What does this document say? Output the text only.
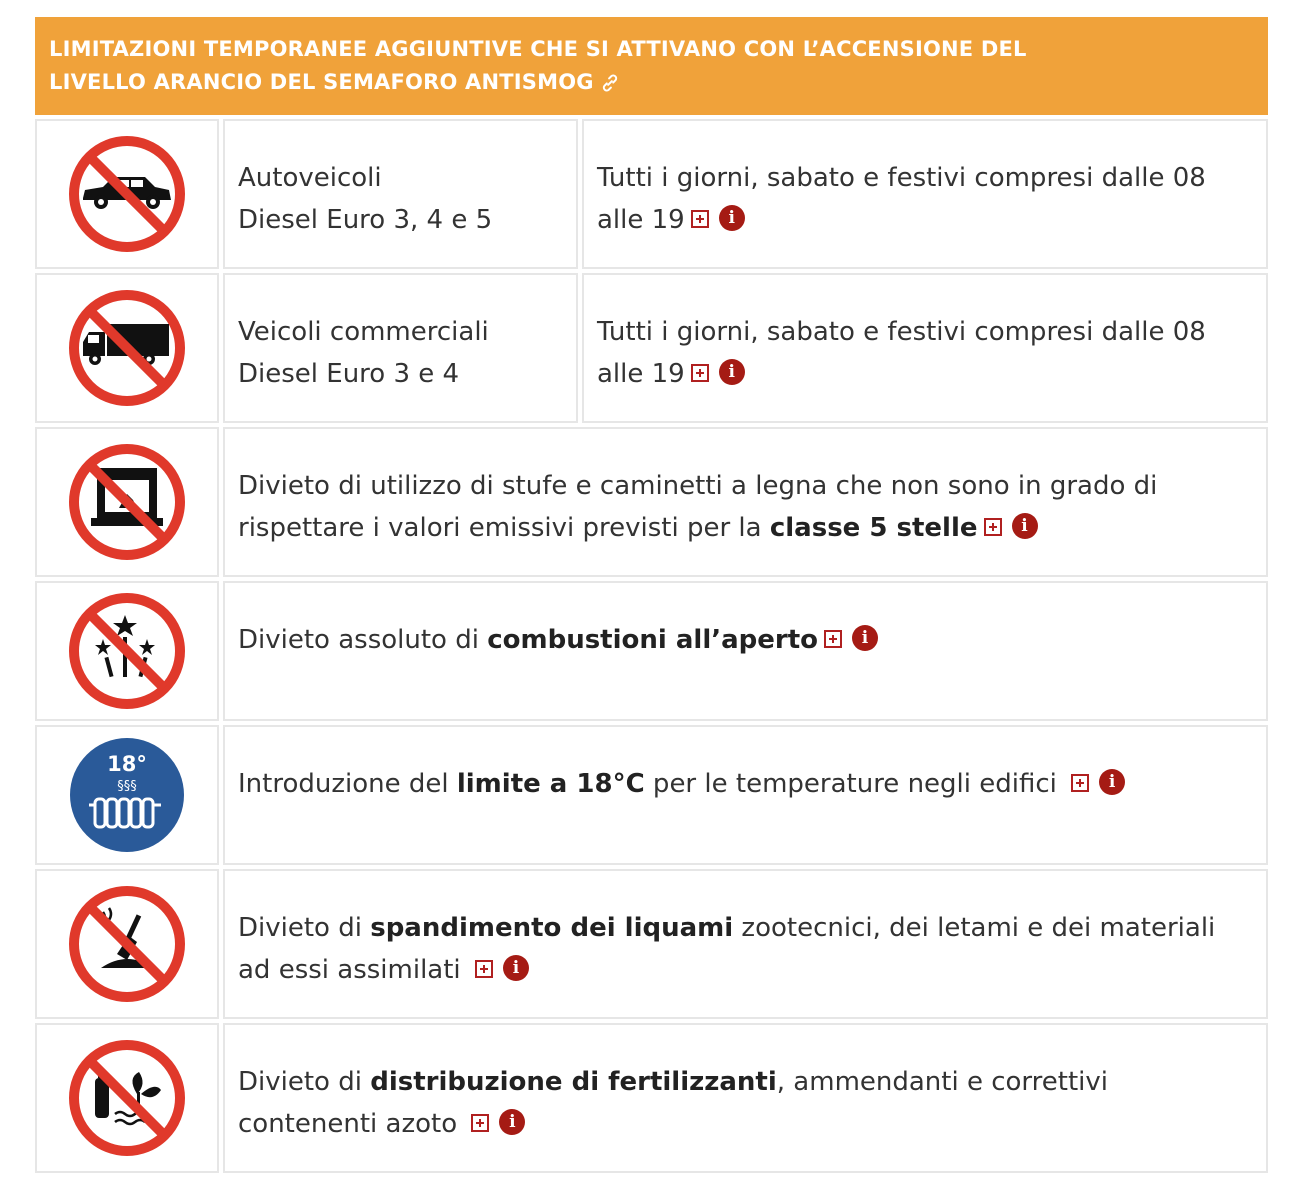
LIMITAZIONI TEMPORANEE AGGIUNTIVE CHE SI ATTIVANO CON L’ACCENSIONE DEL
LIVELLO ARANCIO DEL SEMAFORO ANTISMOG

Autoveicoli
Diesel Euro 3, 4 e 5	Tutti i giorni, sabato e festivi compresi dalle 08 alle 19 i

Veicoli commerciali
Diesel Euro 3 e 4	Tutti i giorni, sabato e festivi compresi dalle 08 alle 19 i
	Divieto di utilizzo di stufe e caminetti a legna che non sono in grado di rispettare i valori emissivi previsti per la classe 5 stelle i	
	Divieto assoluto di combustioni all’aperto i	

18°
§§§	Introduzione del limite a 18°C per le temperature negli edifici i	
	Divieto di spandimento dei liquami zootecnici, dei letami e dei materiali ad essi assimilati i	
	Divieto di distribuzione di fertilizzanti, ammendanti e correttivi contenenti azoto i	
